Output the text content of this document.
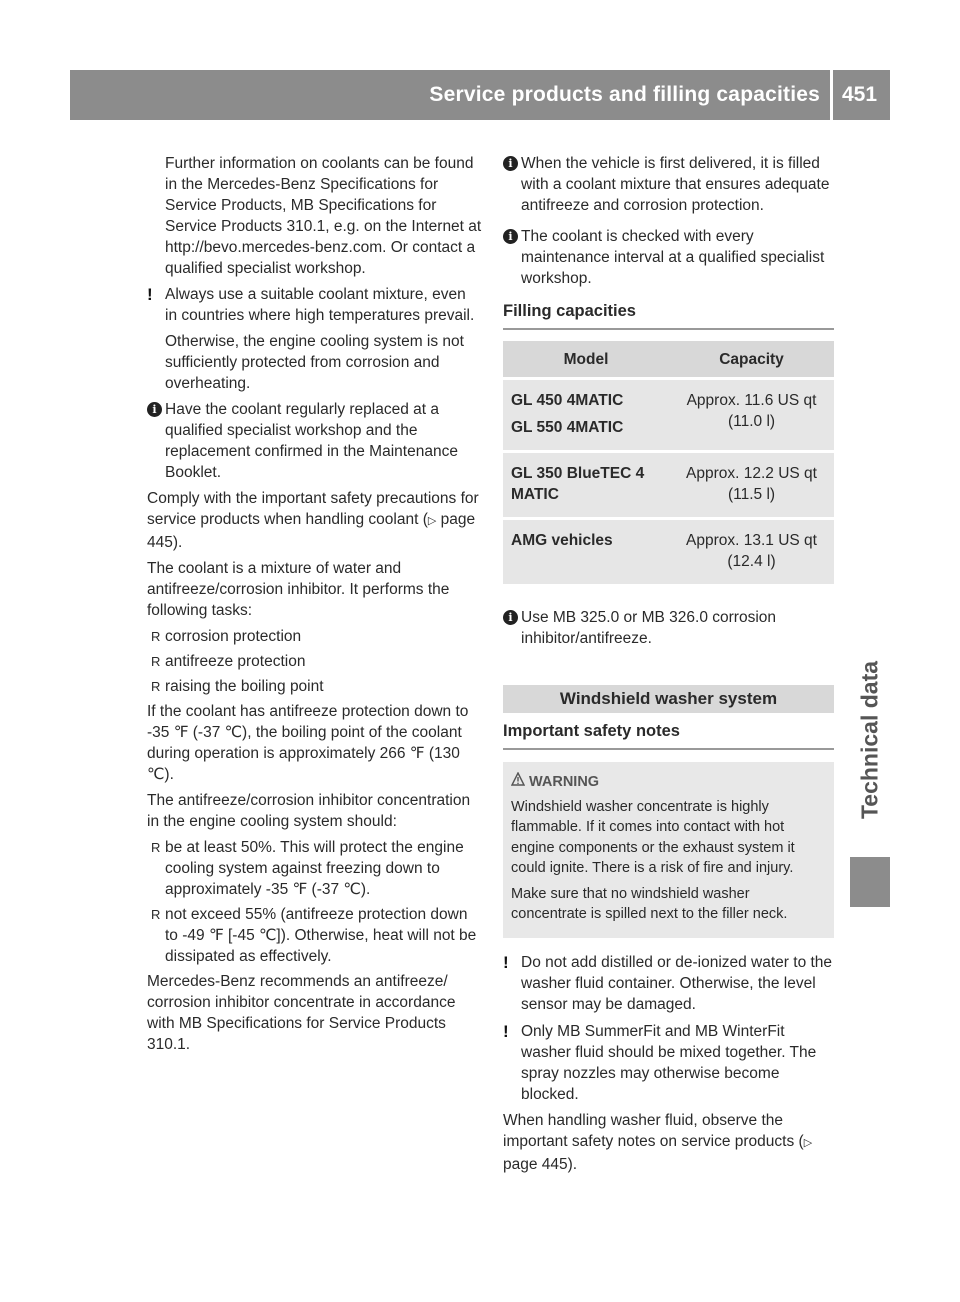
Service products and filling capacities 451
Technical data

Further information on coolants can be found in the Mercedes-Benz Specifications for Service Products, MB Specifications for Service Products 310.1, e.g. on the Internet at http://bevo.mercedes-benz.com. Or contact a qualified specialist workshop.

! Always use a suitable coolant mixture, even in countries where high temperatures prevail.

Otherwise, the engine cooling system is not sufficiently protected from corrosion and overheating.

i Have the coolant regularly replaced at a qualified specialist workshop and the replacement confirmed in the Maintenance Booklet.

Comply with the important safety precautions for service products when handling coolant (▷ page 445).

The coolant is a mixture of water and antifreeze/corrosion inhibitor. It performs the following tasks:

R corrosion protection
R antifreeze protection
R raising the boiling point

If the coolant has antifreeze protection down to -35 ℉ (-37 ℃), the boiling point of the coolant during operation is approximately 266 ℉ (130 ℃).

The antifreeze/corrosion inhibitor concentration in the engine cooling system should:

R be at least 50%. This will protect the engine cooling system against freezing down to approximately -35 ℉ (-37 ℃).
R not exceed 55% (antifreeze protection down to -49 ℉ [-45 ℃]). Otherwise, heat will not be dissipated as effectively.

Mercedes-Benz recommends an antifreeze/ corrosion inhibitor concentrate in accordance with MB Specifications for Service Products 310.1.

i When the vehicle is first delivered, it is filled with a coolant mixture that ensures adequate antifreeze and corrosion protection.

i The coolant is checked with every maintenance interval at a qualified specialist workshop.

Filling capacities
Model	Capacity

GL 450 4MATIC
GL 550 4MATIC	Approx. 11.6 US qt (11.0 l)

GL 350 BlueTEC 4 MATIC	Approx. 12.2 US qt (11.5 l)

AMG vehicles	Approx. 13.1 US qt (12.4 l)
i Use MB 325.0 or MB 326.0 corrosion inhibitor/antifreeze.

Windshield washer system
Important safety notes
WARNING

Windshield washer concentrate is highly flammable. If it comes into contact with hot engine components or the exhaust system it could ignite. There is a risk of fire and injury.

Make sure that no windshield washer concentrate is spilled next to the filler neck.

! Do not add distilled or de-ionized water to the washer fluid container. Otherwise, the level sensor may be damaged.

! Only MB SummerFit and MB WinterFit washer fluid should be mixed together. The spray nozzles may otherwise become blocked.

When handling washer fluid, observe the important safety notes on service products (▷ page 445).
